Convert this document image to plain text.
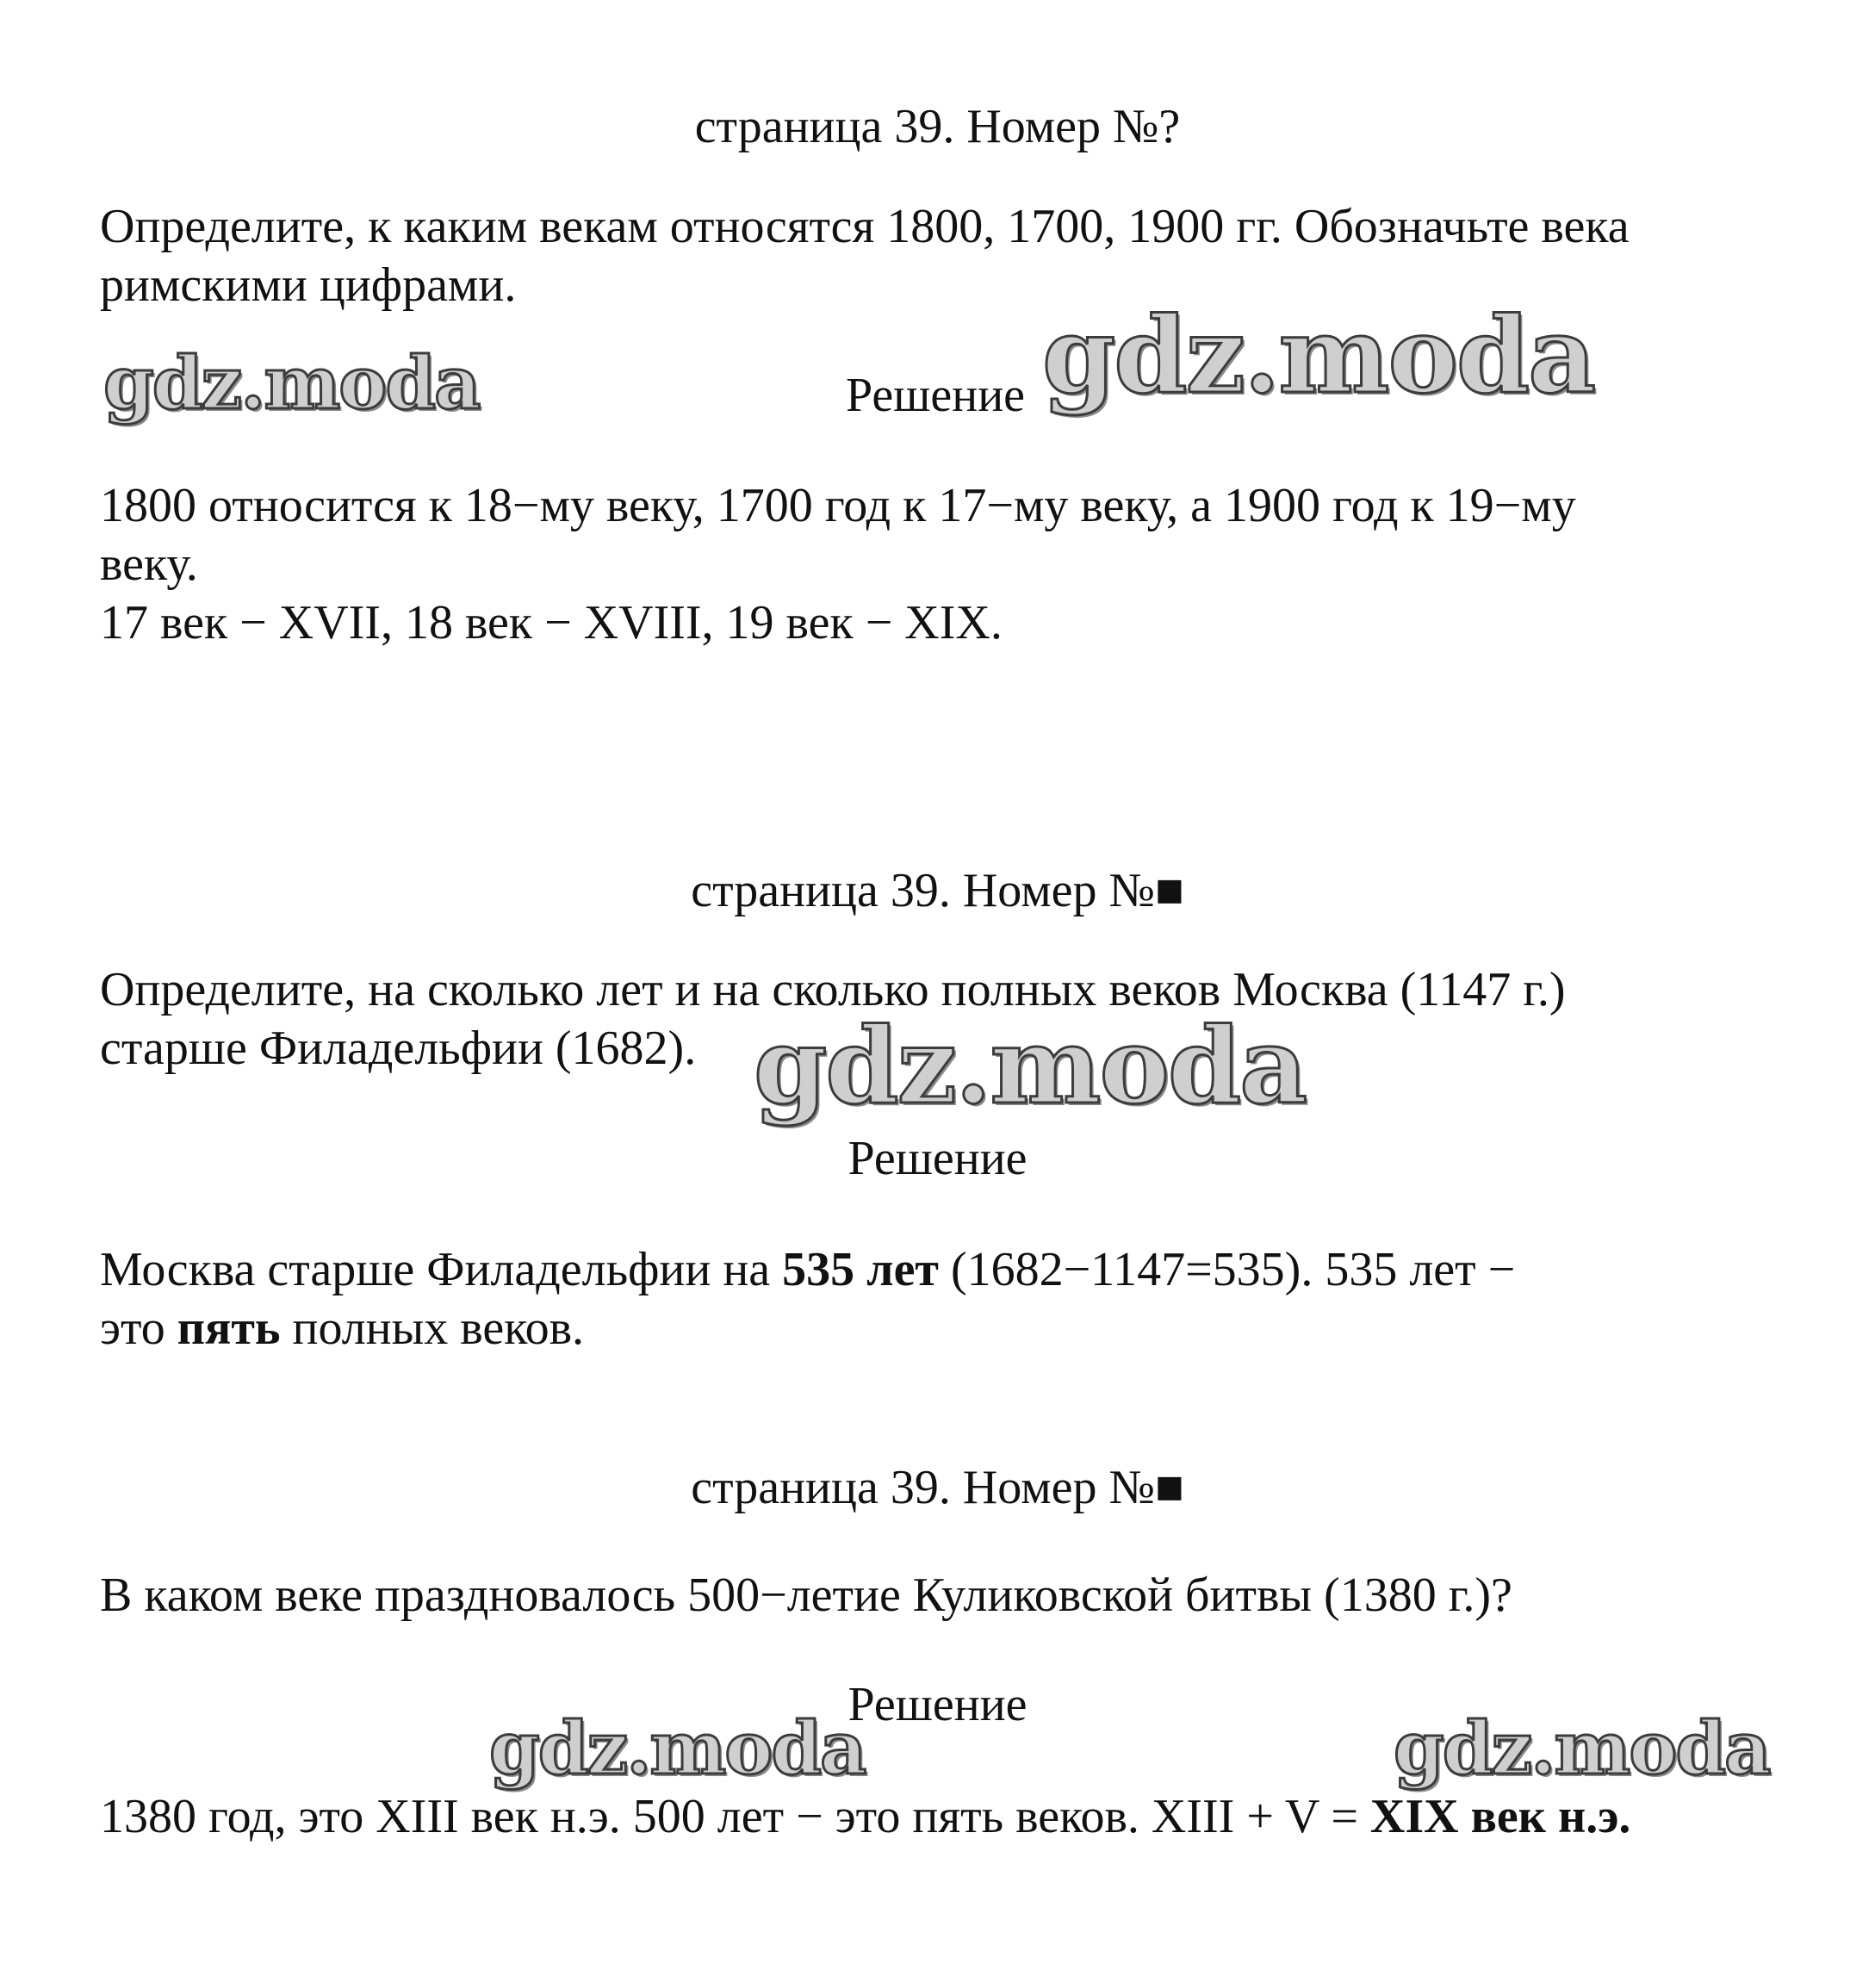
страница 39. Номер №?
Определите, к каким векам относятся 1800, 1700, 1900 гг. Обозначьте века
римскими цифрами.
gdz.moda	Решение gdz.moda
1800 относится к 18−му веку, 1700 год к 17−му веку, а 1900 год к 19−му
веку.
17 век − XVII, 18 век − XVIII, 19 век − XIX.
страница 39. Номер №■
Определите, на сколько лет и на сколько полных веков Москва (1147 г.)
старше Филадельфии (1682). gdz.moda
Решение
Москва старше Филадельфии на 535 лет (1682−1147=535). 535 лет −
это пять полных веков.
страница 39. Номер №■
В каком веке праздновалось 500−летие Куликовской битвы (1380 г.)?
Решение
gdz.moda	gdz.moda
1380 год, это XIII век н.э. 500 лет − это пять веков. XIII + V = XIX век н.э.
